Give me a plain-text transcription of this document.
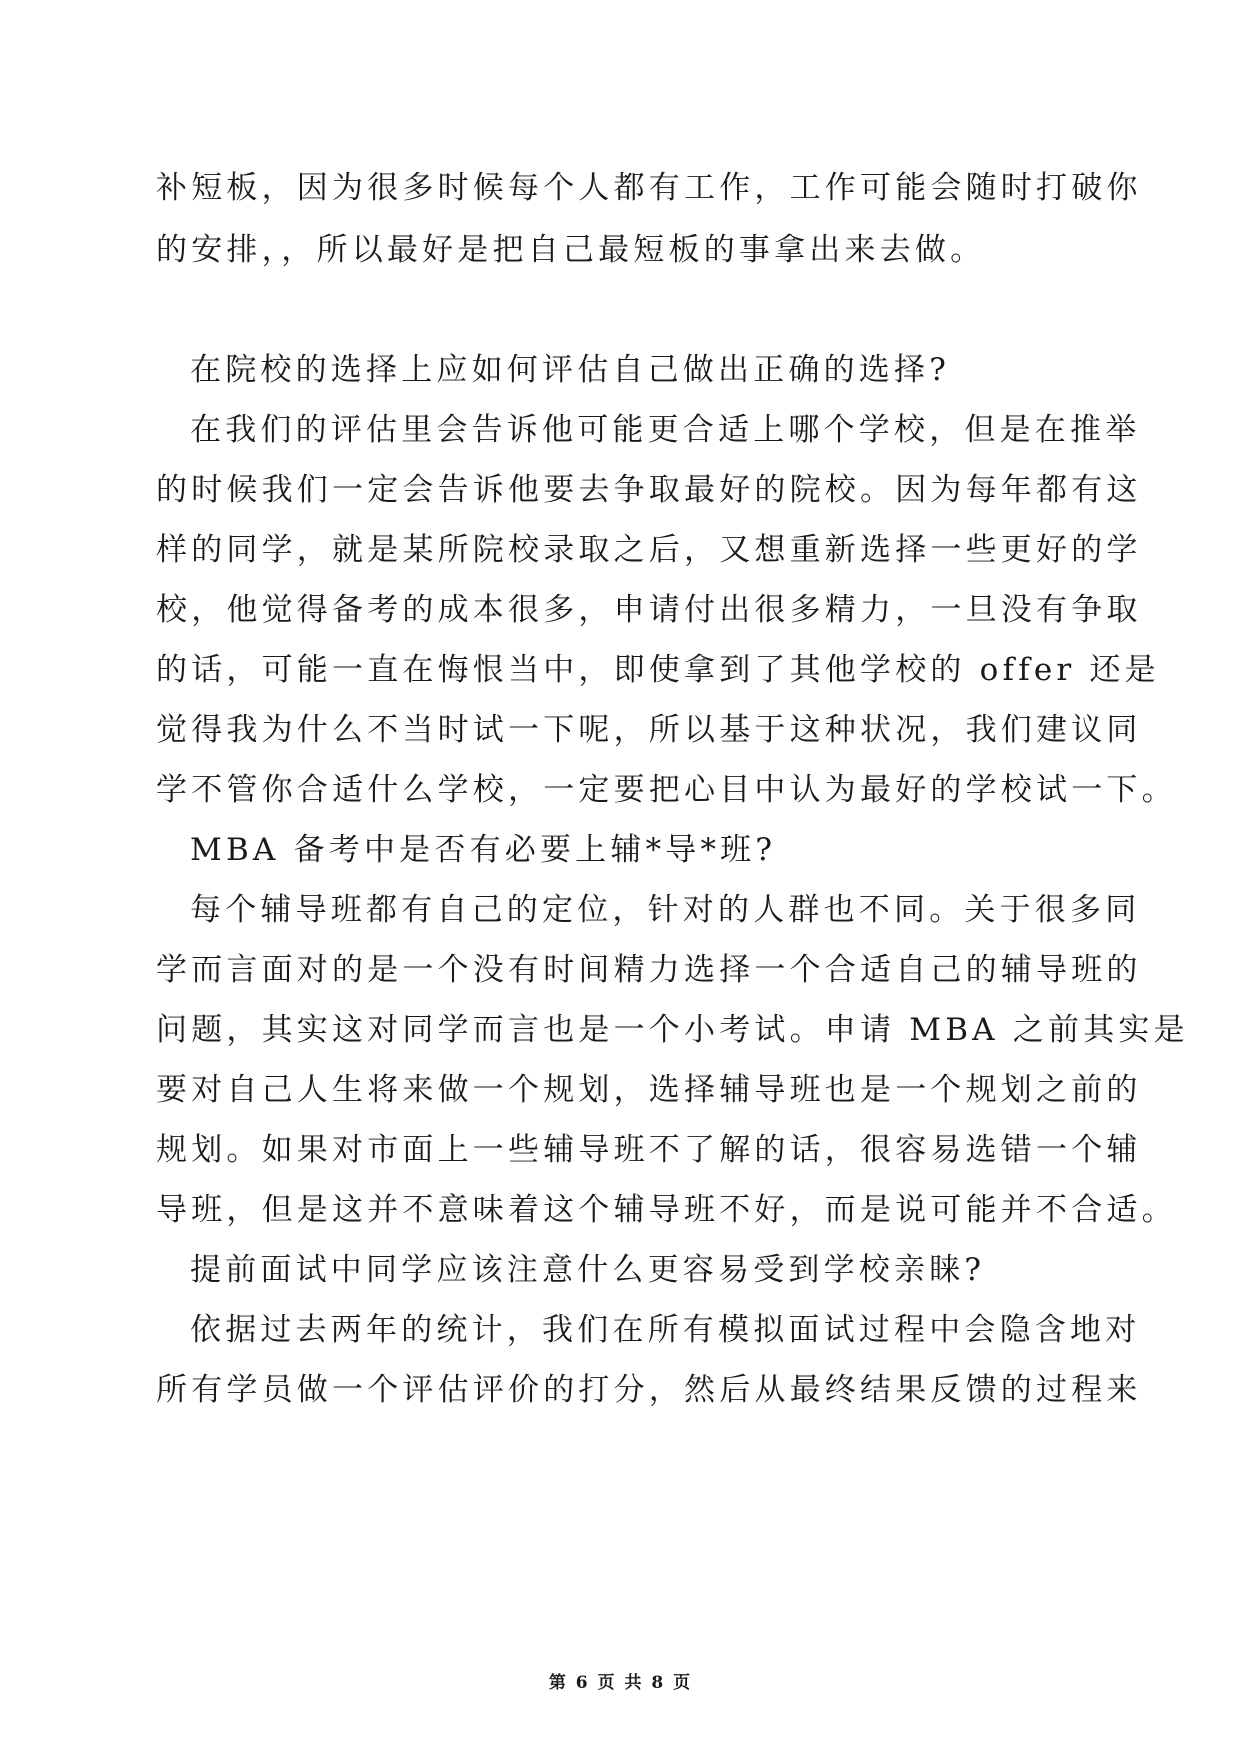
补短板，因为很多时候每个人都有工作，工作可能会随时打破你
的安排，，所以最好是把自己最短板的事拿出来去做。
在院校的选择上应如何评估自己做出正确的选择?
在我们的评估里会告诉他可能更合适上哪个学校，但是在推举
的时候我们一定会告诉他要去争取最好的院校。因为每年都有这
样的同学，就是某所院校录取之后，又想重新选择一些更好的学
校，他觉得备考的成本很多，申请付出很多精力，一旦没有争取
的话，可能一直在悔恨当中，即使拿到了其他学校的 offer 还是
觉得我为什么不当时试一下呢，所以基于这种状况，我们建议同
学不管你合适什么学校，一定要把心目中认为最好的学校试一下。
MBA 备考中是否有必要上辅*导*班?
每个辅导班都有自己的定位，针对的人群也不同。关于很多同
学而言面对的是一个没有时间精力选择一个合适自己的辅导班的
问题，其实这对同学而言也是一个小考试。申请 MBA 之前其实是
要对自己人生将来做一个规划，选择辅导班也是一个规划之前的
规划。如果对市面上一些辅导班不了解的话，很容易选错一个辅
导班，但是这并不意味着这个辅导班不好，而是说可能并不合适。
提前面试中同学应该注意什么更容易受到学校亲睐?
依据过去两年的统计，我们在所有模拟面试过程中会隐含地对
所有学员做一个评估评价的打分，然后从最终结果反馈的过程来
第 6 页 共 8 页
